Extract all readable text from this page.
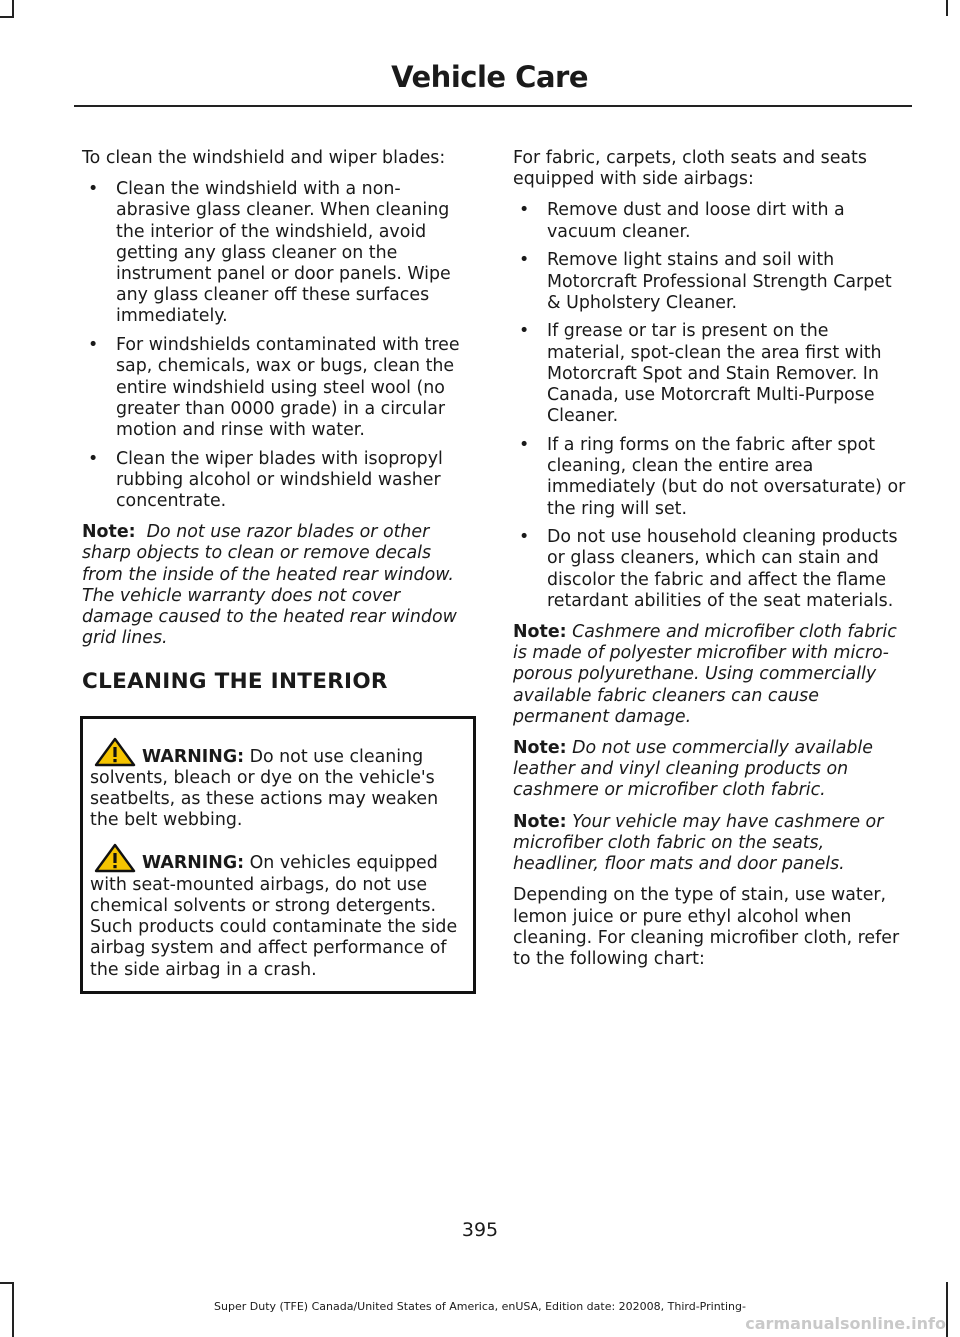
Vehicle Care

To clean the windshield and wiper blades:

• Clean the windshield with a non-abrasive glass cleaner. When cleaning the interior of the windshield, avoid getting any glass cleaner on the instrument panel or door panels. Wipe any glass cleaner off these surfaces immediately.
• For windshields contaminated with tree sap, chemicals, wax or bugs, clean the entire windshield using steel wool (no greater than 0000 grade) in a circular motion and rinse with water.
• Clean the wiper blades with isopropyl rubbing alcohol or windshield washer concentrate.

Note: Do not use razor blades or other sharp objects to clean or remove decals from the inside of the heated rear window. The vehicle warranty does not cover damage caused to the heated rear window grid lines.

CLEANING THE INTERIOR

WARNING: Do not use cleaning solvents, bleach or dye on the vehicle's seatbelts, as these actions may weaken the belt webbing.

WARNING: On vehicles equipped with seat-mounted airbags, do not use chemical solvents or strong detergents. Such products could contaminate the side airbag system and affect performance of the side airbag in a crash.

For fabric, carpets, cloth seats and seats equipped with side airbags:

• Remove dust and loose dirt with a vacuum cleaner.
• Remove light stains and soil with Motorcraft Professional Strength Carpet & Upholstery Cleaner.
• If grease or tar is present on the material, spot-clean the area first with Motorcraft Spot and Stain Remover. In Canada, use Motorcraft Multi-Purpose Cleaner.
• If a ring forms on the fabric after spot cleaning, clean the entire area immediately (but do not oversaturate) or the ring will set.
• Do not use household cleaning products or glass cleaners, which can stain and discolor the fabric and affect the flame retardant abilities of the seat materials.

Note: Cashmere and microfiber cloth fabric is made of polyester microfiber with micro-porous polyurethane. Using commercially available fabric cleaners can cause permanent damage.

Note: Do not use commercially available leather and vinyl cleaning products on cashmere or microfiber cloth fabric.

Note: Your vehicle may have cashmere or microfiber cloth fabric on the seats, headliner, floor mats and door panels.

Depending on the type of stain, use water, lemon juice or pure ethyl alcohol when cleaning. For cleaning microfiber cloth, refer to the following chart:

395
Super Duty (TFE) Canada/United States of America, enUSA, Edition date: 202008, Third-Printing-
carmanualsonline.info
